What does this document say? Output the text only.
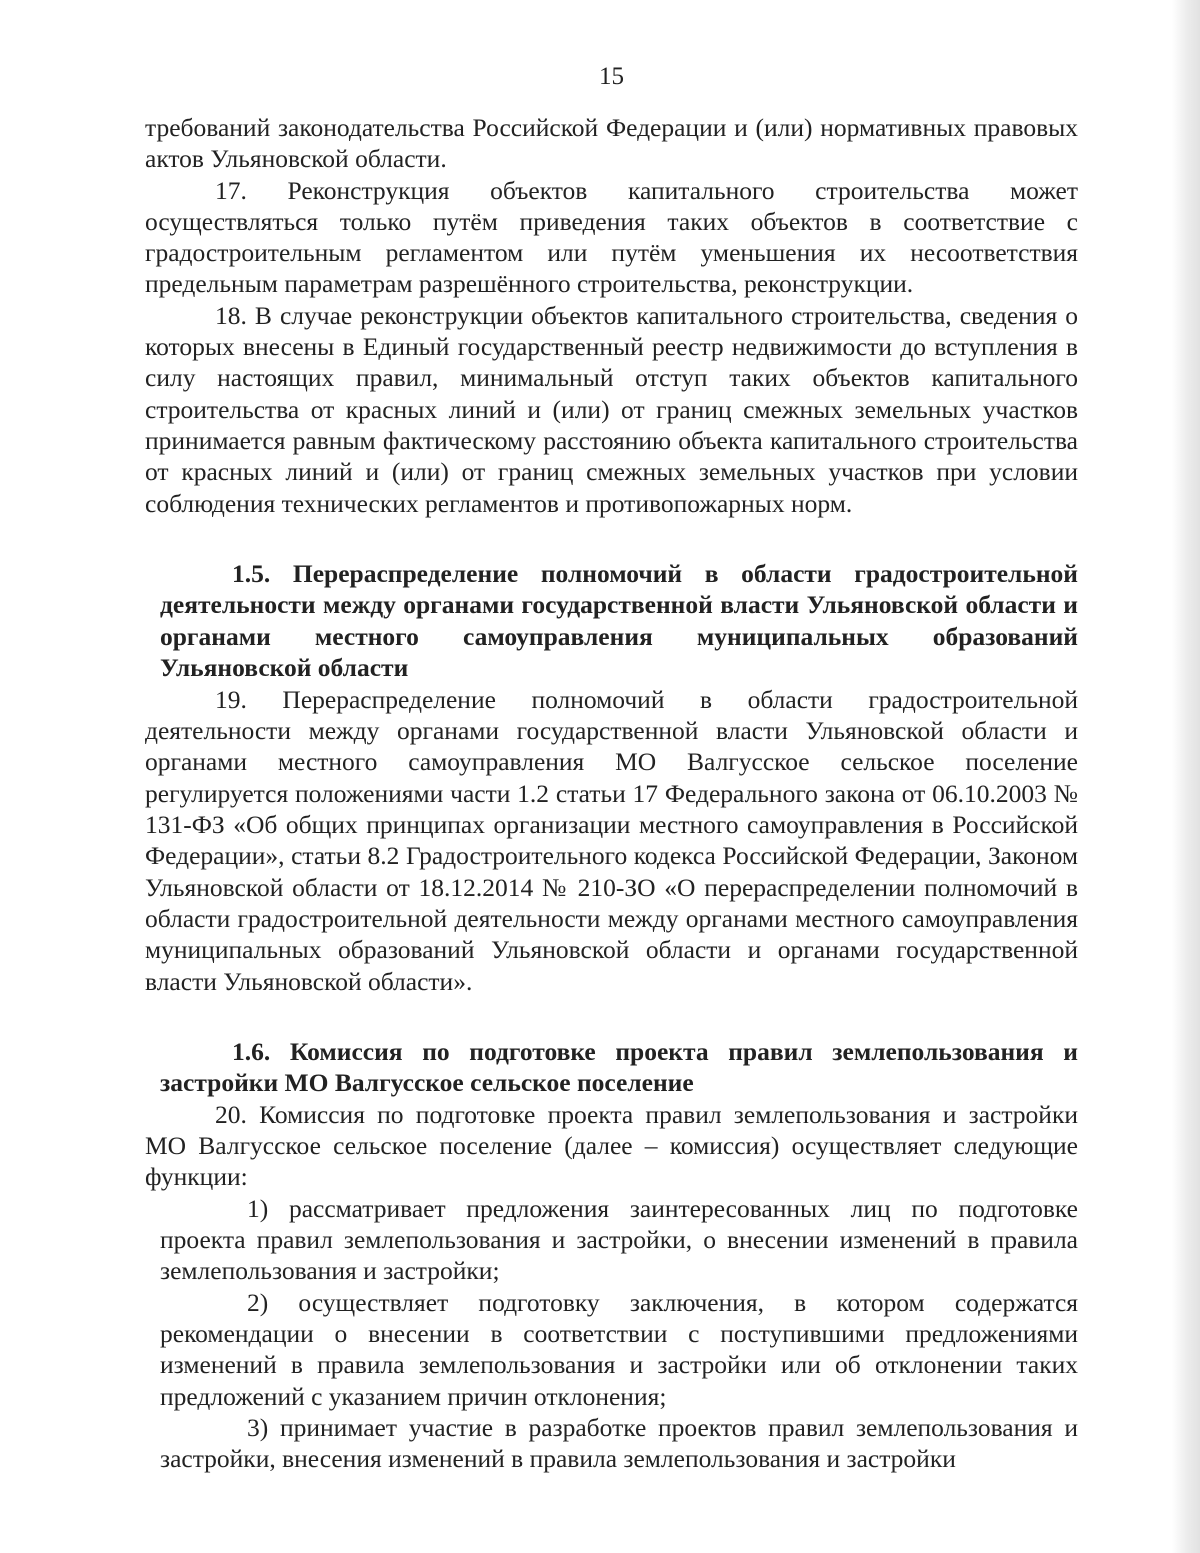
15

требований законодательства Российской Федерации и (или) нормативных правовых актов Ульяновской области.

17. Реконструкция объектов капитального строительства может осуществляться только путём приведения таких объектов в соответствие с градостроительным регламентом или путём уменьшения их несоответствия предельным параметрам разрешённого строительства, реконструкции.

18. В случае реконструкции объектов капитального строительства, сведения о которых внесены в Единый государственный реестр недвижимости до вступления в силу настоящих правил, минимальный отступ таких объектов капитального строительства от красных линий и (или) от границ смежных земельных участков принимается равным фактическому расстоянию объекта капитального строительства от красных линий и (или) от границ смежных земельных участков при условии соблюдения технических регламентов и противопожарных норм.

1.5. Перераспределение полномочий в области градостроительной деятельности между органами государственной власти Ульяновской области и органами местного самоуправления муниципальных образований Ульяновской области

19. Перераспределение полномочий в области градостроительной деятельности между органами государственной власти Ульяновской области и органами местного самоуправления МО Валгусское сельское поселение регулируется положениями части 1.2 статьи 17 Федерального закона от 06.10.2003 № 131-ФЗ «Об общих принципах организации местного самоуправления в Российской Федерации», статьи 8.2 Градостроительного кодекса Российской Федерации, Законом Ульяновской области от 18.12.2014 № 210-ЗО «О перераспределении полномочий в области градостроительной деятельности между органами местного самоуправления муниципальных образований Ульяновской области и органами государственной власти Ульяновской области».

1.6. Комиссия по подготовке проекта правил землепользования и застройки МО Валгусское сельское поселение

20. Комиссия по подготовке проекта правил землепользования и застройки МО Валгусское сельское поселение (далее – комиссия) осуществляет следующие функции:

1) рассматривает предложения заинтересованных лиц по подготовке проекта правил землепользования и застройки, о внесении изменений в правила землепользования и застройки;

2) осуществляет подготовку заключения, в котором содержатся рекомендации о внесении в соответствии с поступившими предложениями изменений в правила землепользования и застройки или об отклонении таких предложений с указанием причин отклонения;

3) принимает участие в разработке проектов правил землепользования и застройки, внесения изменений в правила землепользования и застройки
